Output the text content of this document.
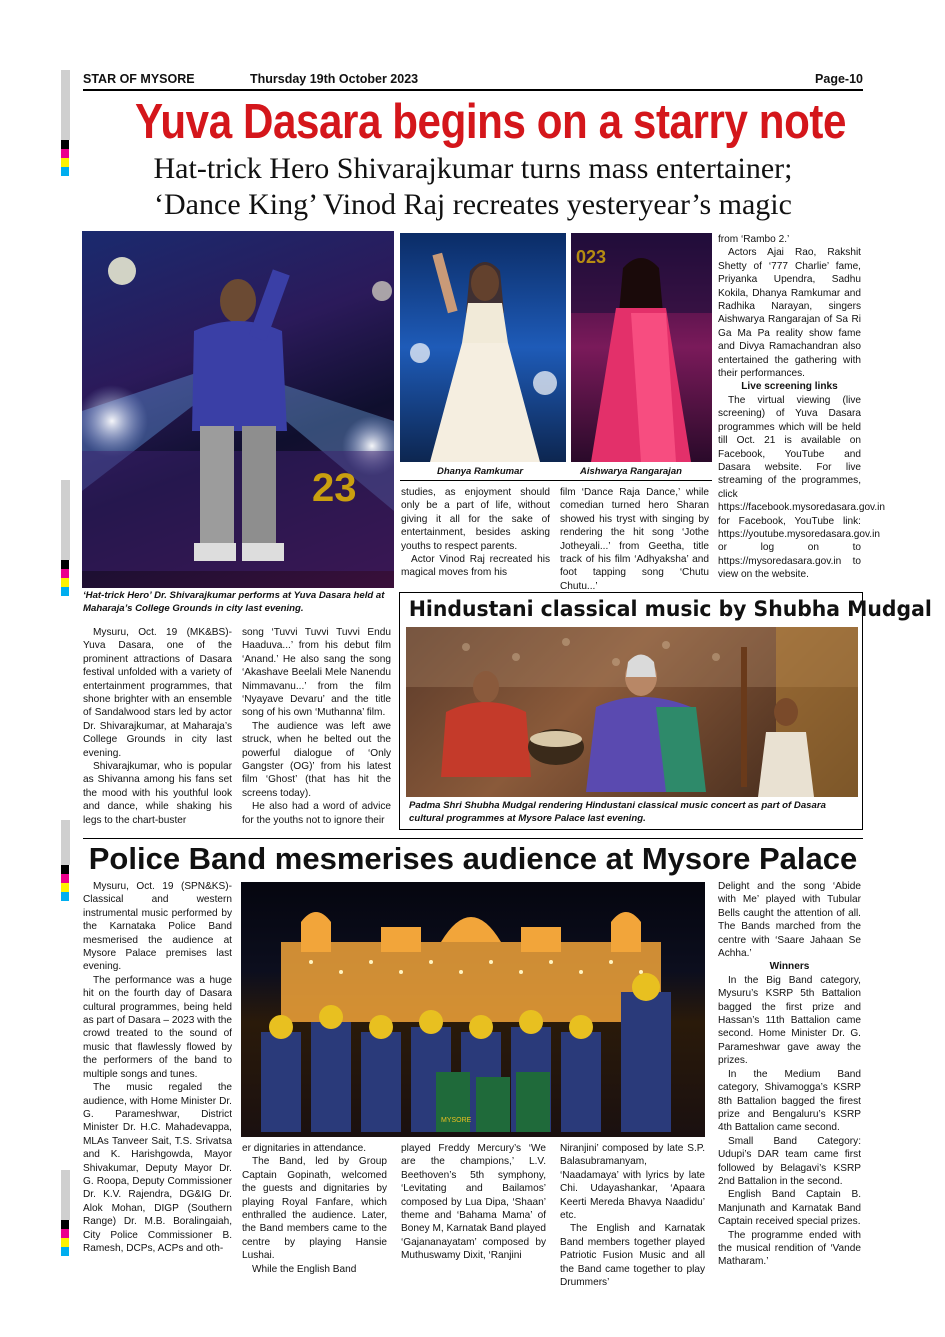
STAR OF MYSORE	Thursday 19th October 2023	Page-10
Yuva Dasara begins on a starry note
Hat-trick Hero Shivarajkumar turns mass entertainer;
‘Dance King’ Vinod Raj recreates yesteryear’s magic
23
‘Hat-trick Hero’ Dr. Shivarajkumar performs at Yuva Dasara held at Maharaja’s College Grounds in city last evening.
023
Dhanya Ramkumar	Aishwarya Rangarajan

Mysuru, Oct. 19 (MK&BS)- Yuva Dasara, one of the prominent attractions of Dasara festival unfolded with a variety of entertainment programmes, that shone brighter with an ensemble of Sandalwood stars led by actor Dr. Shivarajkumar, at Maharaja’s College Grounds in city last evening.

Shivarajkumar, who is popular as Shivanna among his fans set the mood with his youthful look and dance, while shaking his legs to the chart-buster

song ‘Tuvvi Tuvvi Tuvvi Endu Haaduva...’ from his debut film ‘Anand.’ He also sang the song ‘Akashave Beelali Mele Nanendu Nimmavanu...’ from the film ‘Nyayave Devaru’ and the title song of his own ‘Muthanna’ film.

The audience was left awe struck, when he belted out the powerful dialogue of ‘Only Gangster (OG)’ from his latest film ‘Ghost’ (that has hit the screens today).

He also had a word of advice for the youths not to ignore their

studies, as enjoyment should only be a part of life, without giving it all for the sake of entertainment, besides asking youths to respect parents.

Actor Vinod Raj recreated his magical moves from his

film ‘Dance Raja Dance,’ while comedian turned hero Sharan showed his tryst with singing by rendering the hit song ‘Jothe Jotheyali...’ from Geetha, title track of his film ‘Adhyaksha’ and foot tapping song ‘Chutu Chutu...’

from ‘Rambo 2.’

Actors Ajai Rao, Rakshit Shetty of ‘777 Charlie’ fame, Priyanka Upendra, Sadhu Kokila, Dhanya Ramkumar and Radhika Narayan, singers Aishwarya Rangarajan of Sa Ri Ga Ma Pa reality show fame and Divya Ramachandran also entertained the gathering with their performances.

Live screening links

The virtual viewing (live screening) of Yuva Dasara programmes which will be held till Oct. 21 is available on Facebook, YouTube and Dasara website. For live streaming of the programmes, click https://facebook.mysoredasara.gov.in for Facebook, YouTube link: https://youtube.mysoredasara.gov.in or log on to https://mysoredasara.gov.in to view on the website.

Hindustani classical music by Shubha Mudgal
Padma Shri Shubha Mudgal rendering Hindustani classical music concert as part of Dasara cultural programmes at Mysore Palace last evening.
Police Band mesmerises audience at Mysore Palace
MYSORE

Mysuru, Oct. 19 (SPN&KS)- Classical and western instrumental music performed by the Karnataka Police Band mesmerised the audience at Mysore Palace premises last evening.

The performance was a huge hit on the fourth day of Dasara cultural programmes, being held as part of Dasara – 2023 with the crowd treated to the sound of music that flawlessly flowed by the performers of the band to multiple songs and tunes.

The music regaled the audience, with Home Minister Dr. G. Parameshwar, District Minister Dr. H.C. Mahadevappa, MLAs Tanveer Sait, T.S. Srivatsa and K. Harishgowda, Mayor Shivakumar, Deputy Mayor Dr. G. Roopa, Deputy Commissioner Dr. K.V. Rajendra, DG&IG Dr. Alok Mohan, DIGP (Southern Range) Dr. M.B. Boralingaiah, City Police Commissioner B. Ramesh, DCPs, ACPs and oth-

er dignitaries in attendance.

The Band, led by Group Captain Gopinath, welcomed the guests and dignitaries by playing Royal Fanfare, which enthralled the audience. Later, the Band members came to the centre by playing Hansie Lushai.

While the English Band

played Freddy Mercury’s ‘We are the champions,’ L.V. Beethoven’s 5th symphony, ‘Levitating and Bailamos’ composed by Lua Dipa, ‘Shaan’ theme and ‘Bahama Mama’ of Boney M, Karnatak Band played ‘Gajananayatam’ composed by Muthuswamy Dixit, ‘Ranjini

Niranjini’ composed by late S.P. Balasubramanyam, ‘Naadamaya’ with lyrics by late Chi. Udayashankar, ‘Apaara Keerti Mereda Bhavya Naadidu’ etc.

The English and Karnatak Band members together played Patriotic Fusion Music and all the Band came together to play Drummers’

Delight and the song ‘Abide with Me’ played with Tubular Bells caught the attention of all. The Bands marched from the centre with ‘Saare Jahaan Se Achha.’

Winners

In the Big Band category, Mysuru’s KSRP 5th Battalion bagged the first prize and Hassan’s 11th Battalion came second. Home Minister Dr. G. Parameshwar gave away the prizes.

In the Medium Band category, Shivamogga’s KSRP 8th Battalion bagged the firest prize and Bengaluru’s KSRP 4th Battalion came second.

Small Band Category: Udupi’s DAR team came first followed by Belagavi’s KSRP 2nd Battalion in the second.

English Band Captain B. Manjunath and Karnatak Band Captain received special prizes.

The programme ended with the musical rendition of ‘Vande Matharam.’
